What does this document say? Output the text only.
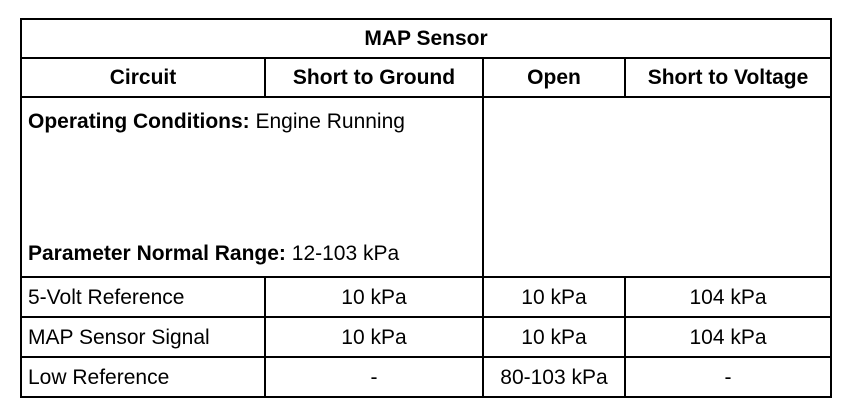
MAP Sensor			
Circuit	Short to Ground	Open	Short to Voltage

Operating Conditions: Engine Running
Parameter Normal Range: 12-103 kPa			

5-Volt Reference	10 kPa	10 kPa	104 kPa
MAP Sensor Signal	10 kPa	10 kPa	104 kPa
Low Reference	-	80-103 kPa	-
